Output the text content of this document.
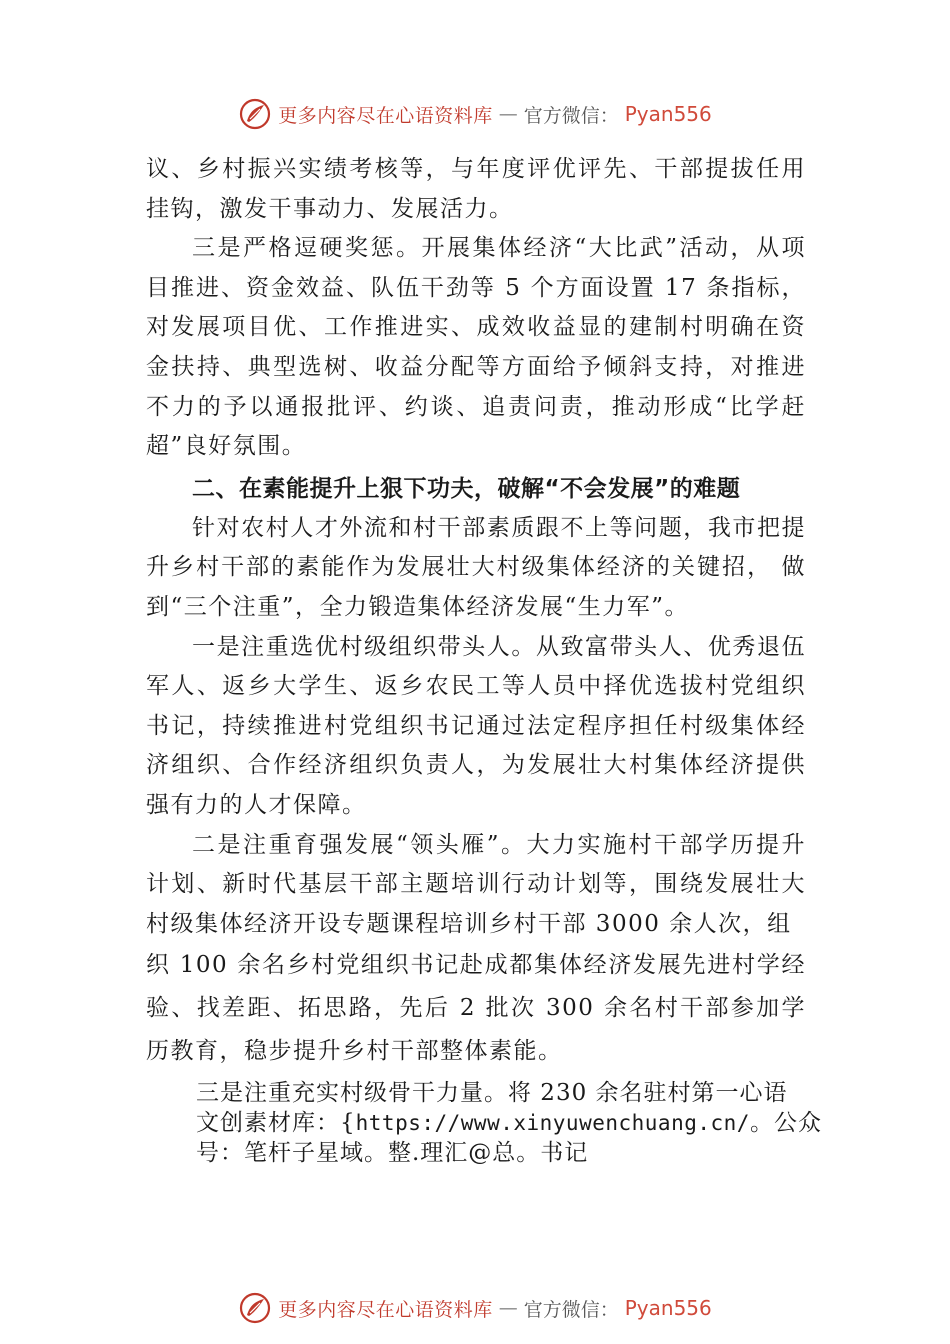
更多内容尽在心语资料库 — 官方微信： Pyan556

议、乡村振兴实绩考核等，与年度评优评先、干部提拔任用挂钩，激发干事动力、发展活力。

三是严格逗硬奖惩。开展集体经济“大比武”活动，从项目推进、资金效益、队伍干劲等 5 个方面设置 17 条指标，对发展项目优、工作推进实、成效收益显的建制村明确在资金扶持、典型选树、收益分配等方面给予倾斜支持，对推进不力的予以通报批评、约谈、追责问责，推动形成“比学赶超”良好氛围。

二、在素能提升上狠下功夫，破解“不会发展”的难题

针对农村人才外流和村干部素质跟不上等问题，我市把提升乡村干部的素能作为发展壮大村级集体经济的关键招， 做到“三个注重”，全力锻造集体经济发展“生力军”。

一是注重选优村级组织带头人。从致富带头人、优秀退伍军人、返乡大学生、返乡农民工等人员中择优选拔村党组织书记，持续推进村党组织书记通过法定程序担任村级集体经济组织、合作经济组织负责人，为发展壮大村集体经济提供强有力的人才保障。

二是注重育强发展“领头雁”。大力实施村干部学历提升计划、新时代基层干部主题培训行动计划等，围绕发展壮大村级集体经济开设专题课程培训乡村干部 3000 余人次，组

织 100 余名乡村党组织书记赴成都集体经济发展先进村学经验、找差距、拓思路，先后 2 批次 300 余名村干部参加学历教育，稳步提升乡村干部整体素能。

三是注重充实村级骨干力量。将 230 余名驻村第一心语
文创素材库：{https://www.xinyuwenchuang.cn/。公众
号：笔杆子星域。整.理汇@总。书记
更多内容尽在心语资料库 — 官方微信： Pyan556
